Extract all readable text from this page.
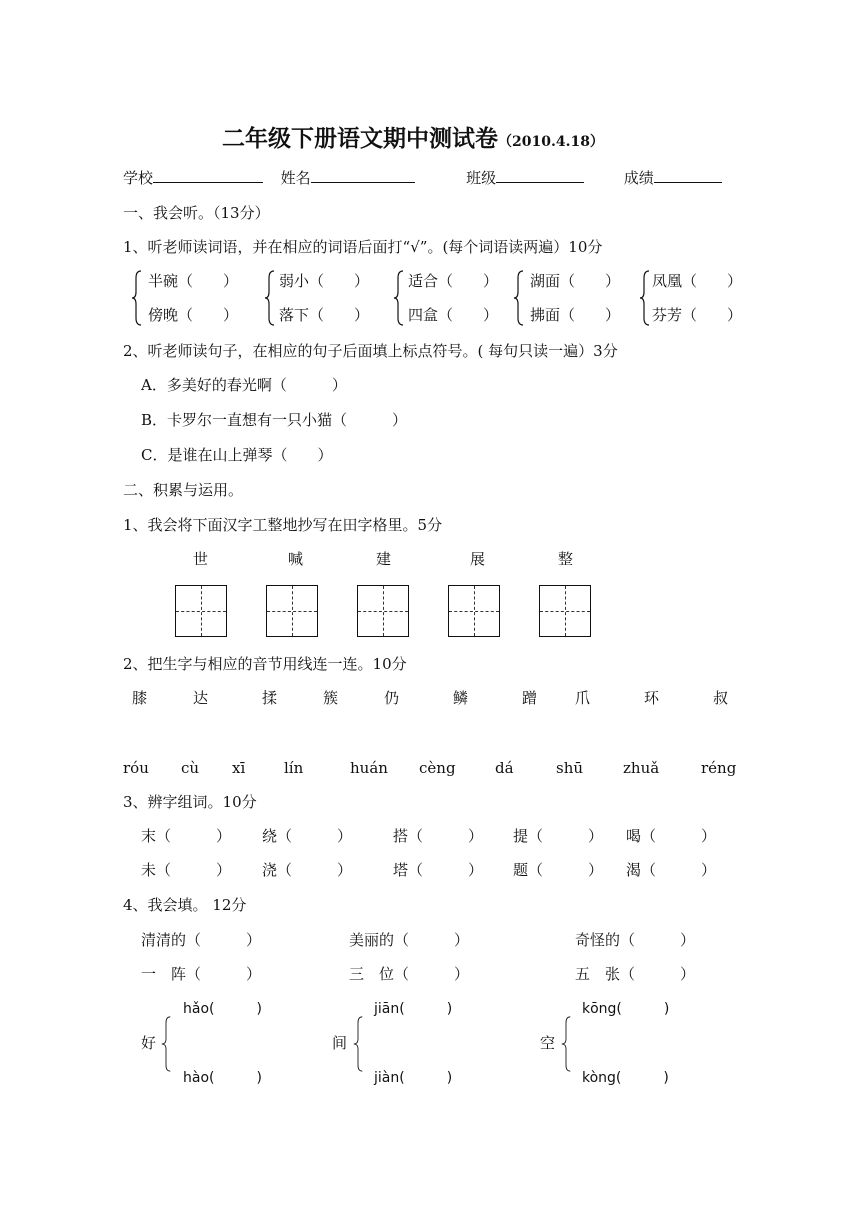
二年级下册语文期中测试卷（2010.4.18）
学校	姓名	班级	成绩
一、我会听。（13分）
1、听老师读词语，并在相应的词语后面打“√”。(每个词语读两遍）10分
半碗（　　）
傍晚（　　）
弱小（　　）
落下（　　）
适合（　　）
四盒（　　）
湖面（　　）
拂面（　　）
凤凰（　　）
芬芳（　　）
2、听老师读句子，在相应的句子后面填上标点符号。( 每句只读一遍）3分
A．多美好的春光啊（　　　）
B．卡罗尔一直想有一只小猫（　　　）
C．是谁在山上弹琴（　　）
二、积累与运用。
1、我会将下面汉字工整地抄写在田字格里。5分
世	喊	建	展	整
2、把生字与相应的音节用线连一连。10分
膝	达	揉	簇	仍	鳞	蹭	爪	环	叔
róu cù xī	lín	huán cèng	dá	shū	zhuǎ	réng
3、辨字组词。10分
末（　　　） 绕（　　　）	搭（　　　） 提（　　　） 喝（　　　）
未（　　　） 浇（　　　）	塔（　　　） 题（　　　） 渴（　　　）
4、我会填。 12分
清清的（　　　）	美丽的（　　　）	奇怪的（　　　）
一　阵（　　　）	三　位（　　　）	五　张（　　　）
好
hǎo(　　　)
hào(　　　)
间
jiān(　　　)
jiàn(　　　)
空
kōng(　　　)
kòng(　　　)
